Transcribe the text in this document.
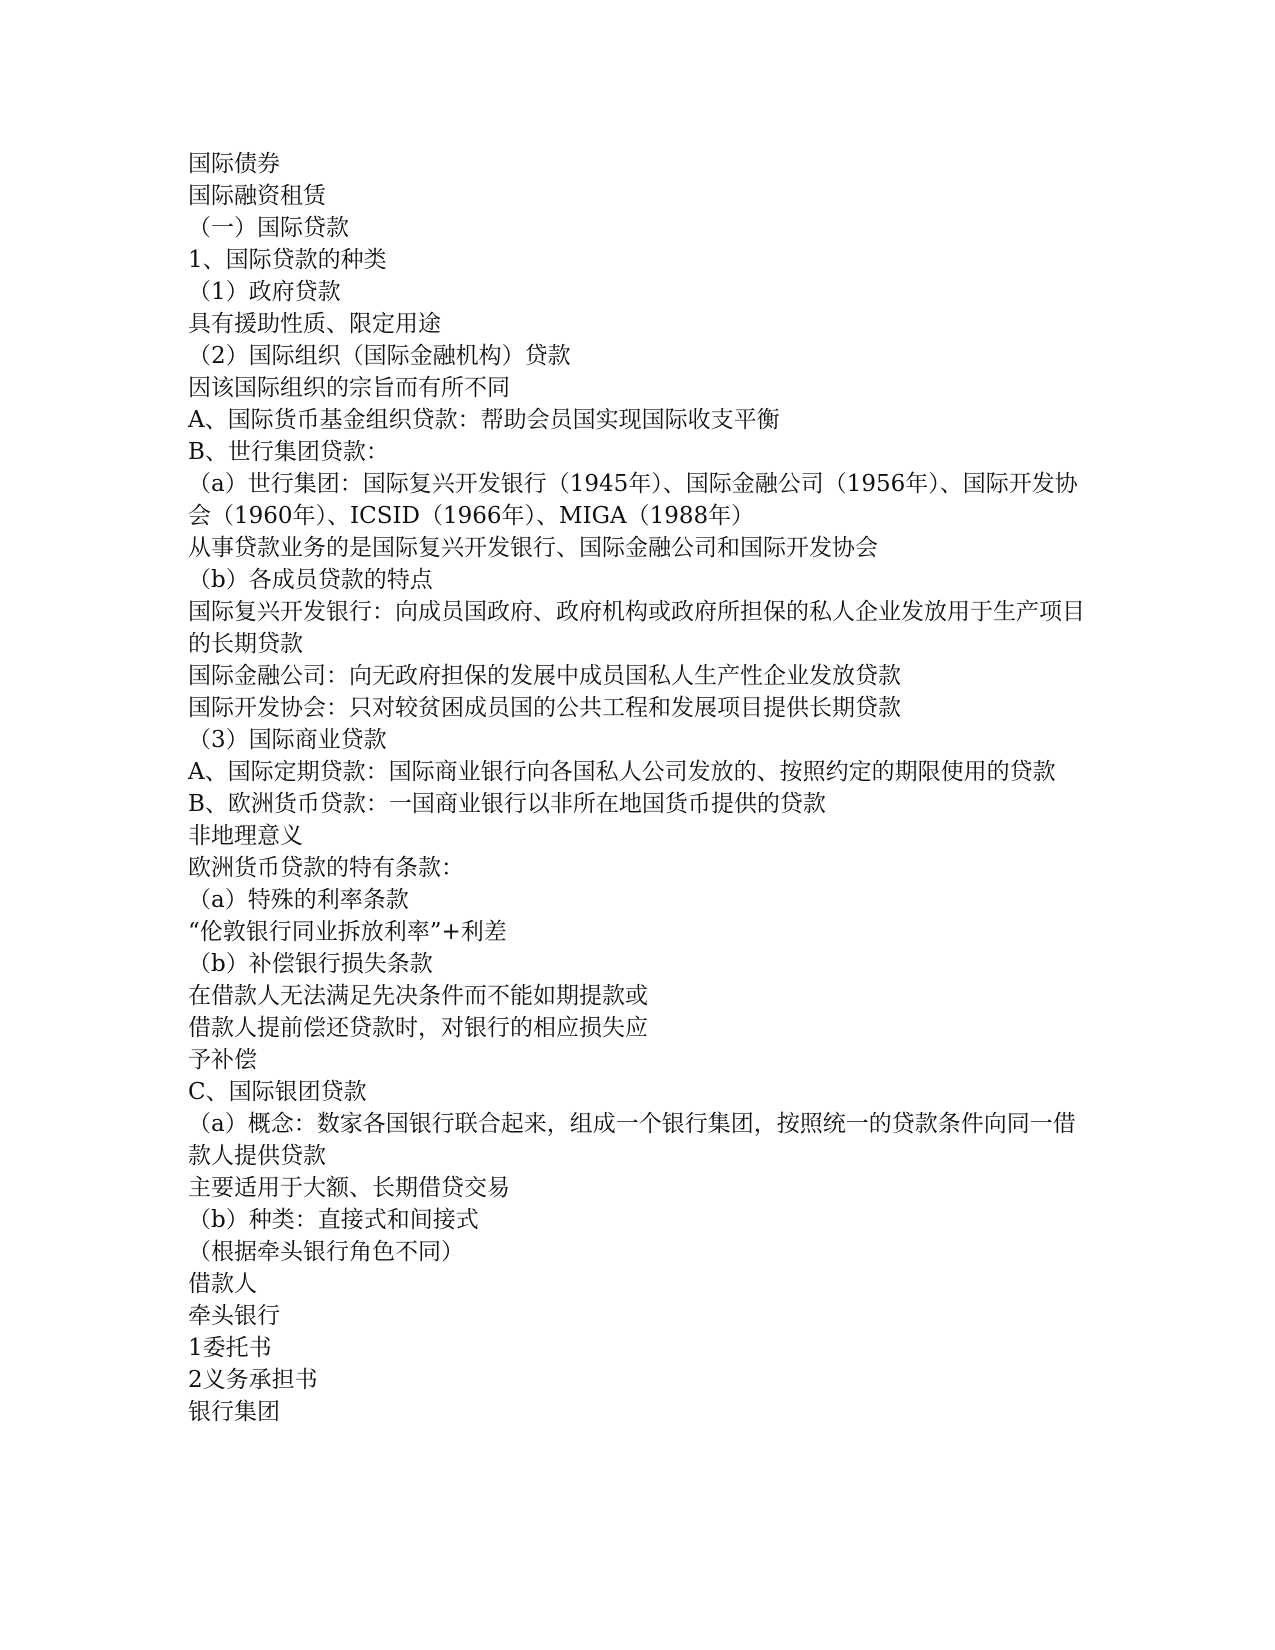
国际债券
国际融资租赁
（一）国际贷款
1、国际贷款的种类
（1）政府贷款
具有援助性质、限定用途
（2）国际组织（国际金融机构）贷款
因该国际组织的宗旨而有所不同
A、国际货币基金组织贷款：帮助会员国实现国际收支平衡
B、世行集团贷款：
（a）世行集团：国际复兴开发银行（1945年）、国际金融公司（1956年）、国际开发协会（1960年）、ICSID（1966年）、MIGA（1988年）
从事贷款业务的是国际复兴开发银行、国际金融公司和国际开发协会
（b）各成员贷款的特点
国际复兴开发银行：向成员国政府、政府机构或政府所担保的私人企业发放用于生产项目的长期贷款
国际金融公司：向无政府担保的发展中成员国私人生产性企业发放贷款
国际开发协会：只对较贫困成员国的公共工程和发展项目提供长期贷款
（3）国际商业贷款
A、国际定期贷款：国际商业银行向各国私人公司发放的、按照约定的期限使用的贷款
B、欧洲货币贷款：一国商业银行以非所在地国货币提供的贷款
非地理意义
欧洲货币贷款的特有条款：
（a）特殊的利率条款
“伦敦银行同业拆放利率”+利差
（b）补偿银行损失条款
在借款人无法满足先决条件而不能如期提款或
借款人提前偿还贷款时，对银行的相应损失应
予补偿
C、国际银团贷款
（a）概念：数家各国银行联合起来，组成一个银行集团，按照统一的贷款条件向同一借款人提供贷款
主要适用于大额、长期借贷交易
（b）种类：直接式和间接式
（根据牵头银行角色不同）
借款人
牵头银行
1委托书
2义务承担书
银行集团
